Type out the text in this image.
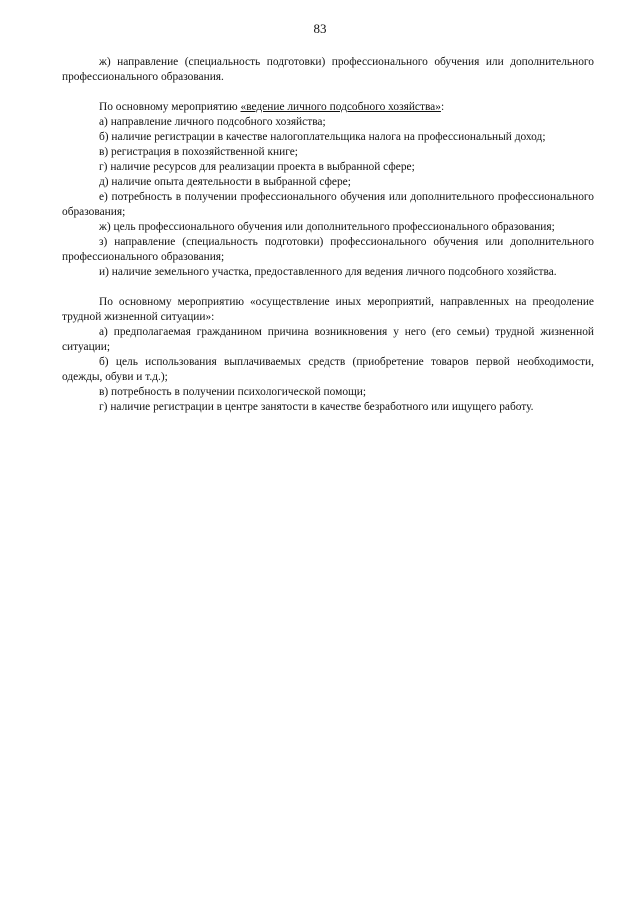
83

ж) направление (специальность подготовки) профессионального обучения или дополнительного профессионального образования.

По основному мероприятию «ведение личного подсобного хозяйства»:

а) направление личного подсобного хозяйства;

б) наличие регистрации в качестве налогоплательщика налога на профессиональный доход;

в) регистрация в похозяйственной книге;

г) наличие ресурсов для реализации проекта в выбранной сфере;

д) наличие опыта деятельности в выбранной сфере;

е) потребность в получении профессионального обучения или дополнительного профессионального образования;

ж) цель профессионального обучения или дополнительного профессионального образования;

з) направление (специальность подготовки) профессионального обучения или дополнительного профессионального образования;

и) наличие земельного участка, предоставленного для ведения личного подсобного хозяйства.

По основному мероприятию «осуществление иных мероприятий, направленных на преодоление трудной жизненной ситуации»:

а) предполагаемая гражданином причина возникновения у него (его семьи) трудной жизненной ситуации;

б) цель использования выплачиваемых средств (приобретение товаров первой необходимости, одежды, обуви и т.д.);

в) потребность в получении психологической помощи;

г) наличие регистрации в центре занятости в качестве безработного или ищущего работу.
